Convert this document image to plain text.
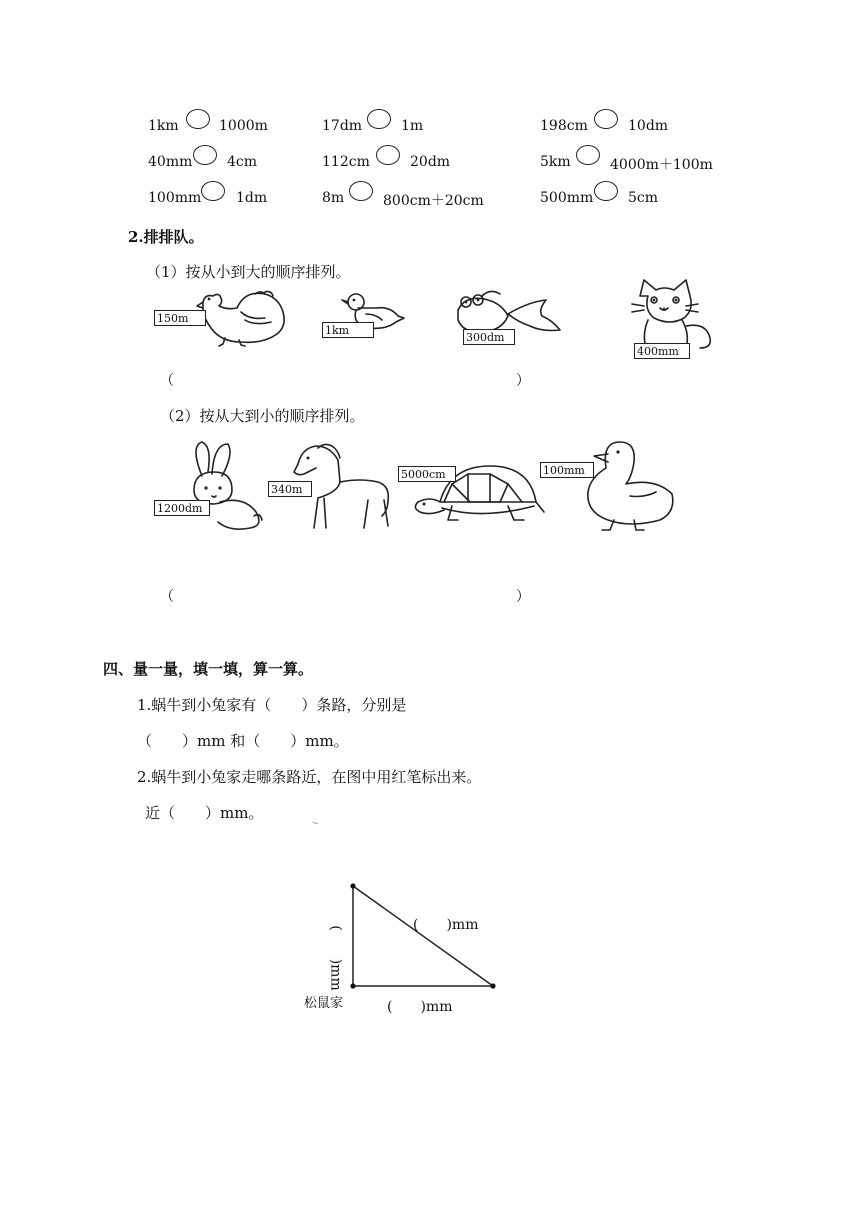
1km	1000m	17dm	1m	198cm	10dm
40mm 4cm	112cm	20dm	5km	4000m＋100m
100mm 1dm	8m	800cm＋20cm	500mm 5cm
2.排排队。
（1）按从小到大的顺序排列。
150m
1km
300dm
400mm
（	）
（2）按从大到小的顺序排列。
1200dm
340m
5000cm	100mm
（	）
四、量一量，填一填，算一算。
1.蜗牛到小兔家有（　　）条路，分别是
（　　）mm 和（　　）mm。
2.蜗牛到小兔家走哪条路近，在图中用红笔标出来。
近（　　）mm。
(　　)mm
(　　)mm
(　　)mm
松鼠家
